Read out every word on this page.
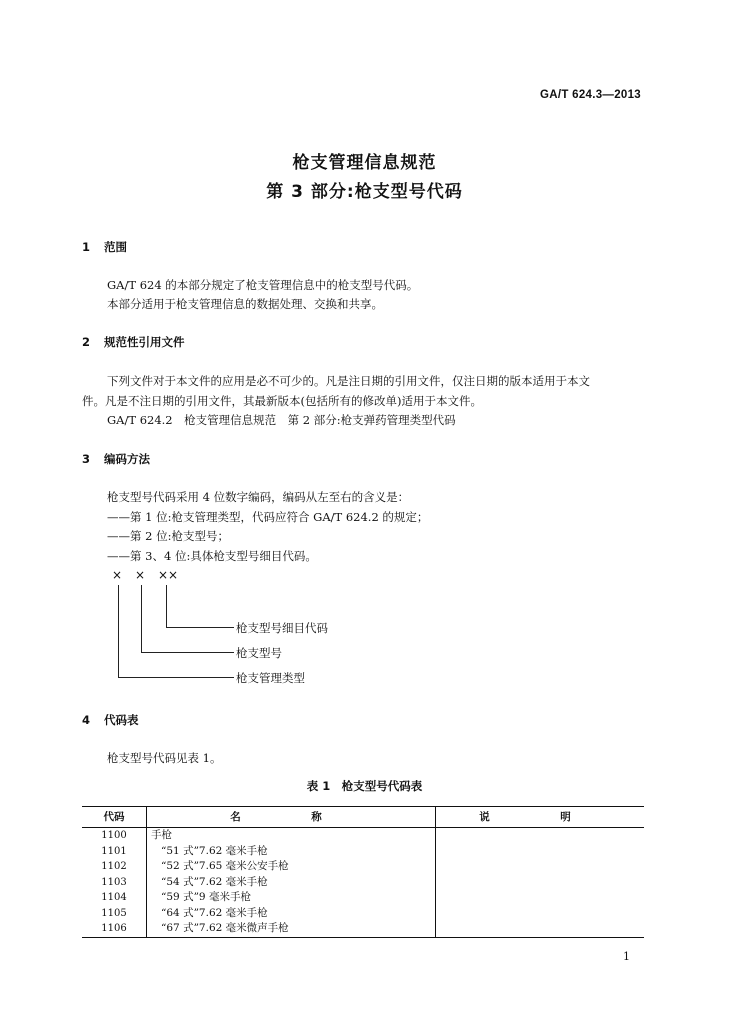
GA/T 624.3—2013
枪支管理信息规范
第 3 部分:枪支型号代码
1 范围
GA/T 624 的本部分规定了枪支管理信息中的枪支型号代码。
本部分适用于枪支管理信息的数据处理、交换和共享。
2 规范性引用文件
下列文件对于本文件的应用是必不可少的。凡是注日期的引用文件，仅注日期的版本适用于本文
件。凡是不注日期的引用文件，其最新版本(包括所有的修改单)适用于本文件。
GA/T 624.2　枪支管理信息规范　第 2 部分:枪支弹药管理类型代码
3 编码方法
枪支型号代码采用 4 位数字编码，编码从左至右的含义是：
——第 1 位:枪支管理类型，代码应符合 GA/T 624.2 的规定；
——第 2 位:枪支型号；
——第 3、4 位:具体枪支型号细目代码。
× × ××
枪支型号细目代码
枪支型号
枪支管理类型
4 代码表
枪支型号代码见表 1。
表 1　枪支型号代码表
代码	名　称	说　明
1100	手枪	
1101	“51 式”7.62 毫米手枪	
1102	“52 式”7.65 毫米公安手枪	
1103	“54 式”7.62 毫米手枪	
1104	“59 式”9 毫米手枪	
1105	“64 式”7.62 毫米手枪	
1106	“67 式”7.62 毫米微声手枪	
1
